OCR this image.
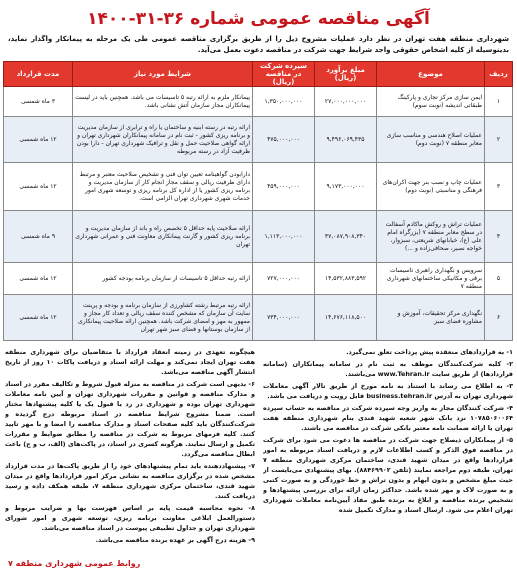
آگهی مناقصه عمومی شماره ۳۶-۳۱-۱۴۰۰
شهرداری منطقه هفت تهران در نظر دارد عملیات مشروح ذیل را از طریق برگزاری مناقصه عمومی طی یک مرحله به پیمانکار واگذار نماید، بدینوسیله از کلیه اشخاص حقوقی واجد شرایط جهت شرکت در مناقصه دعوت بعمل می‌آید.
ردیف	موضوع	مبلغ برآورد (ریال)	سپرده شرکت در مناقصه (ریال)	شرایط مورد نیاز	مدت قرارداد
۱	ایمن سازی مرکز تجاری و پارکینگ طبقاتی اندیشه (نوبت سوم)	۲۷,۰۰۰,۰۰۰,۰۰۰	۱,۳۵۰,۰۰۰,۰۰۰	پیمانکار ملزم به ارائه رتبه ۵ تاسیسات می باشد. همچنین باید در لیست پیمانکاران مجاز سازمان آتش نشانی باشد.	۳ ماه شمسی
۲	عملیات اصلاح هندسی و مناسب سازی معابر منطقه ۷ (نوبت دوم)	۹,۴۹۶,۰۶۹,۴۳۵	۴۷۵,۰۰۰,۰۰۰	ارائه رتبه در رسته ابنیه و ساختمان یا راه و ترابری از سازمان مدیریت و برنامه ریزی کشور - ثبت نام در سامانه پیمانکاران شهرداری تهران و ارائه گواهی صلاحیت حمل و نقل و ترافیک شهرداری تهران - دارا بودن ظرفیت آزاد در رسته مربوطه	۱۲ ماه شمسی
۳	عملیات چاپ و نصب بنر جهت اکران‌های فرهنگی و مناسبتی (نوبت دوم)	۹,۱۷۳,۰۰۰,۰۰۰	۴۵۹,۰۰۰,۰۰۰	دارابودن گواهینامه تعیین توان فنی و تشخیص صلاحیت معتبر و مرتبط دارای ظرفیت ریالی و سقف مجاز انجام کار از سازمان مدیریت و برنامه ریزی کشور یا از اداره کل برنامه ریزی و توسعه شهری امور خدمات شهری شهرداری تهران الزامی است.	۱۲ ماه شمسی
۴	عملیات تراش و روکش ماکادم آسفالت در سطح معابر منطقه ۷ (بزرگراه امام علی (ع)، خیابانهای شریعتی، سبزوار، خواجه نصیر، صحافی‌زاده و ...)	۳۷,۰۸۷,۹۰۸,۳۴۰	۱,۱۱۳,۰۰۰,۰۰۰	ارائه صلاحیت پایه حداقل ۵ تخصص راه و باند از سازمان مدیریت و برنامه ریزی کشور و گارنت پیمانکاری معاونت فنی و عمرانی شهرداری تهران	۹ ماه شمسی
۵	سرویس و نگهداری راهبری تاسیسات برقی و مکانیکی ساختمانهای شهرداری منطقه ۷	۱۴,۵۳۲,۸۸۳,۵۹۲	۷۲۷,۰۰۰,۰۰۰	ارائه رتبه حداقل ۵ تاسیسات از سازمان برنامه بودجه کشور	۱۲ ماه شمسی
۶	نگهداری مرکز تحقیقات، آموزش و مشاوره فضای سبز	۱۴,۶۷۶,۱۱۸,۵۰۰	۷۳۴,۰۰۰,۰۰۰	ارائه رتبه مرتبط رشته کشاورزی از سازمان برنامه و بودجه و پرینت سایت آن سازمان که مشخص کننده سقف ریالی و تعداد کار مجاز و ممهور به مهر و امضای شرکت باشد. همچنین ارائه صلاحیت پیمانکاری از سازمان بوستانها و فضای سبز شهر تهران	۱۲ ماه شمسی

۱- به قراردادهای منعقده پیش پرداخت تعلق نمی‌گیرد.

۲- کلیه شرکت‌کنندگان موظف به ثبت نام در سامانه پیمانکاران (سامانه قراردادها) از طریق سایت www.Tehran.ir می‌باشند.

۳- به اطلاع می رساند با استناد به نامه مورخ از طریق تالار آگهی معاملات شهرداری تهران به آدرس business.tehran.ir قابل رویت و دریافت می باشد.

۴- شرکت کنندگان مجاز به واریز وجه سپرده شرکت در مناقصه به حساب سپرده ۱۰۷۸۵۰۶۰۰۶۴ نزد بانک شهر شعبه شهید قندی بنام شهرداری منطقه هفت تهران یا ارائه ضمانت نامه معتبر بانکی شرکت در مناقصه می باشند.

۵- از پیمانکاران ذیصلاح جهت شرکت در مناقصه ها دعوت می شود برای شرکت در مناقصه فوق الذکر و کسب اطلاعات لازم و دریافت اسناد مربوطه به امور قراردادها واقع در میدان شهید قندی، ساختمان مرکزی شهرداری منطقه ۷ تهران، طبقه دوم مراجعه نمایند (تلفن ۸۸۴۶۹۹۰۲). بهای پیشنهادی می‌بایست از حیث مبلغ مشخص و بدون ابهام و بدون تراش و خط خوردگی و به صورت کتبی و به صورت لاک و مهر شده باشد. حداکثر زمان ارائه برای بررسی پیشنهادها و تشخیص برنده مناقصه و ابلاغ به برنده طبق مفاد آیین‌نامه معاملات شهرداری تهران اعلام می شود. ارسال اسناد و مدارک تکمیل شده

هیچگونه تعهدی در زمینه انعقاد قرارداد با متقاضیان برای شهرداری منطقه هفت تهران ایجاد نمی‌کند و مهلت ارائه اسناد و دریافت پاکات ۱۰ روز از تاریخ انتشار آگهی مناقصه می‌باشد.

۶- بدیهی است شرکت در مناقصه به منزله قبول شروط و تکالیف مقرر در اسناد و مدارک مناقصه و قوانین و مقررات شهرداری تهران و آیین نامه معاملات شهرداری تهران بوده و شهرداری در رد یا قبول یک یا کلیه پیشنهادها مختار است. ضمنا مشروح شرایط مناقصه در اسناد مربوطه درج گردیده و شرکت‌کنندگان باید کلیه صفحات اسناد و مدارک مناقصه را امضا و با مهر تایید کنند. کلیه فرمهای مربوط به شرکت در مناقصه را مطابق ضوابط و مقررات تکمیل و ارسال نمایند. هرگونه کسری در اسناد، در پاکت‌های (الف، ب و ج) باعث ابطال مناقصه می‌گردد.

۷- پیشنهاددهنده باید تمام پیشنهادهای خود را از طریق پاکت‌ها در مدت قرارداد مشخص شده در برگزاری مناقصه به نشانی مرکز امور قراردادها واقع در میدان شهید قندی، ساختمان مرکزی شهرداری منطقه ۷، طبقه همکف داده و رسید دریافت کنند.

۸- نحوه محاسبه قیمت پایه بر اساس فهرست بها و ضرایب مربوط و دستورالعمل ابلاغی معاونت برنامه ریزی، توسعه شهری و امور شورای شهرداری تهران و جداول تطبیقی پیوست در اسناد مناقصه می‌باشد.

۹- هزینه درج آگهی بر عهده برنده مناقصه می‌باشد.

روابط عمومی شهرداری منطقه ۷
